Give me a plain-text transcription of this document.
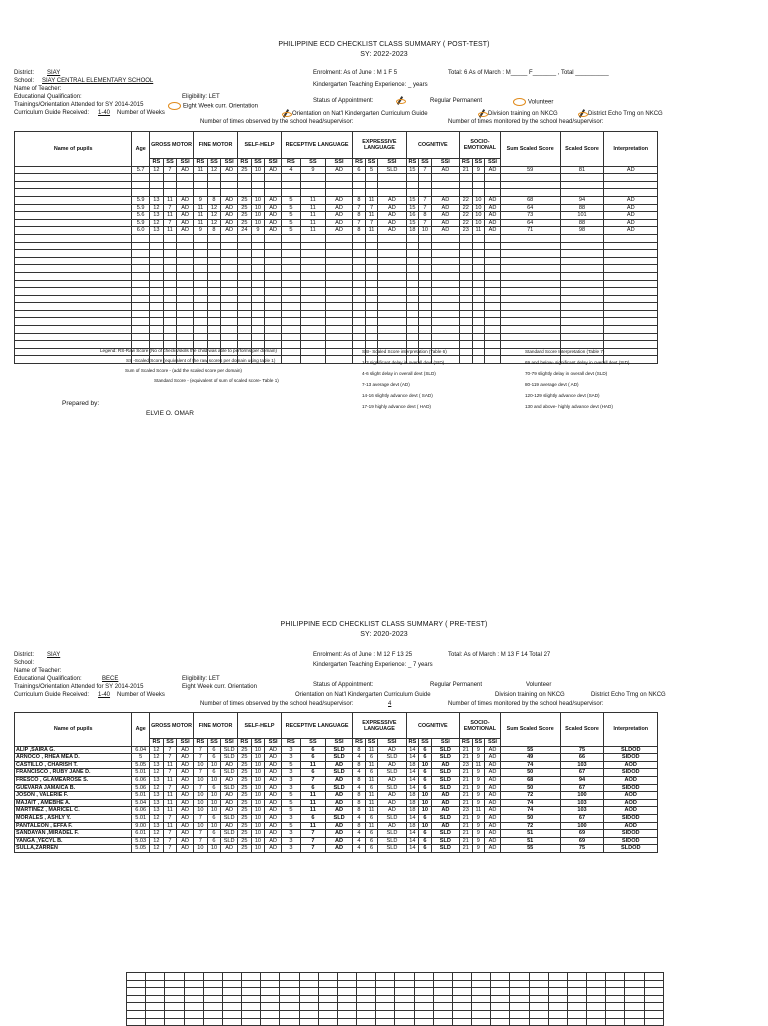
PHILIPPINE ECD CHECKLIST CLASS SUMMARY ( POST-TEST)
SY: 2022-2023
District: SIAY
School: SIAY CENTRAL ELEMENTARY SCHOOL
Name of Teacher:
Educational Qualification:
Trainings/Orientation Attended for SY 2014-2015
Curriculum Guide Received: 1-40 Number of Weeks
Eligibility: LET
Eight Week curr. Orientation
Enrolment: As of June : M 1 F 5	Total: 6 As of March : M_____ F_______ , Total __________
Kindergarten Teaching Experience: _ years
Status of Appointment:	Regular Permanent	Volunteer
Orientation on Nat'l Kindergarten Curriculum Guide	Division training on NKCG	District Echo Trng on NKCG
Number of times observed by the school head/supervisor:	Number of times monitored by the school head/supervisor:
Name of pupils	Age	GROSS MOTOR			FINE MOTOR			SELF-HELP			RECEPTIVE LANGUAGE			EXPRESSIVE LANGUAGE			COGNITIVE			SOCIO-EMOTIONAL			Sum Scaled Score	Scaled Score	Interpretation
		RS	SS	SSI	RS	SS	SSI	RS	SS	SSI	RS	SS	SSI	RS	SS	SSI	RS	SS	SSI	RS	SS	SSI			
	5.7	12	7	AD	11	12	AD	25	10	AD	4	9	AD	6	5	SLD	15	7	AD	21	9	AD	59	81	AD

	5.9	13	11	AD	9	8	AD	25	10	AD	5	11	AD	8	11	AD	15	7	AD	22	10	AD	68	94	AD
	5.9	12	7	AD	11	12	AD	25	10	AD	5	11	AD	7	7	AD	15	7	AD	22	10	AD	64	88	AD
	5.6	13	11	AD	11	12	AD	25	10	AD	5	11	AD	8	11	AD	16	8	AD	22	10	AD	73	101	AD
	5.9	12	7	AD	11	12	AD	25	10	AD	5	11	AD	7	7	AD	15	7	AD	22	10	AD	64	88	AD
	6.0	13	11	AD	9	8	AD	24	9	AD	5	11	AD	8	11	AD	18	10	AD	23	11	AD	71	98	AD

Legend: RS-Raw Score (No of checks/skills the child was able to performs per domain)
SS -Scaled Score (equivalent of the raw scores per domain using table 1)
Sum of Scaled Score - (add the scaled score per domain)
Standard Score - (equivalent of sum of scaled score- Table 1)
SSI- Scaled Score interpretation (Table 6)
1-3 significant delay in overall devt (SID)
4-6 slight delay in overall devt (SLD)
7-13 average devt (AD)
14-16 slightly advance devt ( SAD)
17-19 highly advance devt ( HAD)
Standard Score Interpretation (Table 7)
69 and below- significant delay in overall devt (SID)
70-79 slightly delay in overall devt (SLD)
80-119 average devt ( AD)
120-129 slightly advance devt (SAD)
130 and above- highly advance devt (HAD)
Prepared by:
ELVIE O. OMAR
PHILIPPINE ECD CHECKLIST CLASS SUMMARY ( PRE-TEST)
SY: 2020-2023
District: SIAY
School:
Name of Teacher:
Educational Qualification:	BECE
Trainings/Orientation Attended for SY 2014-2015
Curriculum Guide Received: 1-40 Number of Weeks
Eligibility: LET
Eight Week curr. Orientation
Enrolment: As of June : M 12 F 13 25	Total: As of March : M 13 F 14 Total 27
Kindergarten Teaching Experience: _ 7 years
Status of Appointment:	Regular Permanent	Volunteer
Orientation on Nat'l Kindergarten Curriculum Guide	Division training on NKCG	District Echo Trng on NKCG
Number of times observed by the school head/supervisor:	4	Number of times monitored by the school head/supervisor:
Name of pupils	Age	GROSS MOTOR			FINE MOTOR			SELF-HELP			RECEPTIVE LANGUAGE			EXPRESSIVE LANGUAGE			COGNITIVE			SOCIO-EMOTIONAL			Sum Scaled Score	Scaled Score	Interpretation
		RS	SS	SSI	RS	SS	SSI	RS	SS	SSI	RS	SS	SSI	RS	SS	SSI	RS	SS	SSI	RS	SS	SSI			
ALIP ,SAIRA G.	6.04	12	7	AD	7	6	SLD	25	10	AD	3	6	SLD	8	11	AD	14	6	SLD	21	9	AD	55	75	SLDOD
ARNOCO , RHEA MEA D.	5	12	7	AD	7	6	SLD	25	10	AD	3	6	SLD	4	6	SLD	14	6	SLD	21	9	AD	49	66	SIDOD
CASTILLO , CHARISH T.	5.05	13	11	AD	10	10	AD	25	10	AD	5	11	AD	8	11	AD	18	10	AD	23	11	AD	74	103	AOD
FRANCISCO , RUBY JANE D.	5.01	12	7	AD	7	6	SLD	25	10	AD	3	6	SLD	4	6	SLD	14	6	SLD	21	9	AD	50	67	SIDOD
FRESCO , GLAMEAROSE S.	6.06	13	11	AD	10	10	AD	25	10	AD	3	7	AD	8	11	AD	14	6	SLD	21	9	AD	68	94	AOD
GUEVARA JAMAICA B.	5.06	12	7	AD	7	6	SLD	25	10	AD	3	6	SLD	4	6	SLD	14	6	SLD	21	9	AD	50	67	SIDOD
JOSON , VALERIE F.	5.01	13	11	AD	10	10	AD	25	10	AD	5	11	AD	8	11	AD	18	10	AD	21	9	AD	72	100	AOD
MAJAIT , AMEBHE A.	5.04	13	11	AD	10	10	AD	25	10	AD	5	11	AD	8	11	AD	18	10	AD	21	9	AD	74	103	AOD
MARTINEZ , MARICEL C.	6.06	13	11	AD	10	10	AD	25	10	AD	5	11	AD	8	11	AD	18	10	AD	23	11	AD	74	103	AOD
MORALES , ASHLY Y.	5.01	12	7	AD	7	6	SLD	25	10	AD	3	6	SLD	4	6	SLD	14	6	SLD	21	9	AD	50	67	SIDOD
PANTALEON , EFFA F.	9.00	13	11	AD	10	10	AD	25	10	AD	5	11	AD	8	11	AD	18	10	AD	21	9	AD	72	100	AOD
SANDAYAN ,MIRADEL F.	6.01	12	7	AD	7	6	SLD	25	10	AD	3	7	AD	4	6	SLD	14	6	SLD	21	9	AD	51	69	SIDOD
YANGA ,YECYL B.	5.03	12	7	AD	7	6	SLD	25	10	AD	3	7	AD	4	6	SLD	14	6	SLD	21	9	AD	51	69	SIDOD
SULLA,ZARREN	5.05	12	7	AD	10	10	AD	25	10	AD	3	7	AD	4	6	SLD	14	6	SLD	21	9	AD	55	75	SLDOD
